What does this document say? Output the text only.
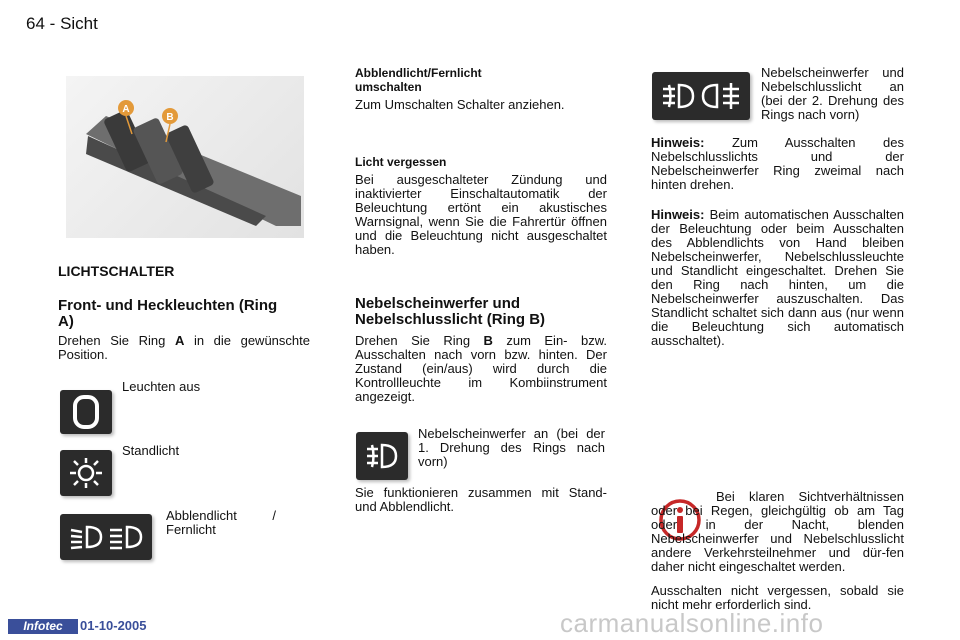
64 - Sicht
A
B
LICHTSCHALTER
Front- und Heckleuchten (Ring A)
Drehen Sie Ring A in die gewünschte Position.
Leuchten aus
Standlicht
Abblendlicht / Fernlicht
Abblendlicht/Fernlicht umschalten
Zum Umschalten Schalter anziehen.
Licht vergessen
Bei ausgeschalteter Zündung und inaktivierter Einschaltautomatik der Beleuchtung ertönt ein akustisches Warnsignal, wenn Sie die Fahrertür öffnen und die Beleuchtung nicht ausgeschaltet haben.
Nebelscheinwerfer und Nebelschlusslicht (Ring B)
Drehen Sie Ring B zum Ein- bzw. Ausschalten nach vorn bzw. hinten. Der Zustand (ein/aus) wird durch die Kontrollleuchte im Kombiinstrument angezeigt.
Nebelscheinwerfer an (bei der 1. Drehung des Rings nach vorn)
Sie funktionieren zusammen mit Stand- und Abblendlicht.
Nebelscheinwerfer und Nebelschlusslicht an (bei der 2. Drehung des Rings nach vorn)
Hinweis: Zum Ausschalten des Nebelschlusslichts und der Nebelscheinwerfer Ring zweimal nach hinten drehen.
Hinweis: Beim automatischen Ausschalten der Beleuchtung oder beim Ausschalten des Abblendlichts von Hand bleiben Nebelscheinwerfer, Nebelschlussleuchte und Standlicht eingeschaltet. Drehen Sie den Ring nach hinten, um die Nebelscheinwerfer auszuschalten. Das Standlicht schaltet sich dann aus (nur wenn die Beleuchtung sich automatisch ausschaltet).
Bei klaren Sichtverhältnissen oder bei Regen, gleichgültig ob am Tag oder in der Nacht, blenden Nebelscheinwerfer und Nebelschlusslicht andere Verkehrsteilnehmer und dür-fen daher nicht eingeschaltet werden.
Ausschalten nicht vergessen, sobald sie nicht mehr erforderlich sind.
Infotec	01-10-2005	carmanualsonline.info
